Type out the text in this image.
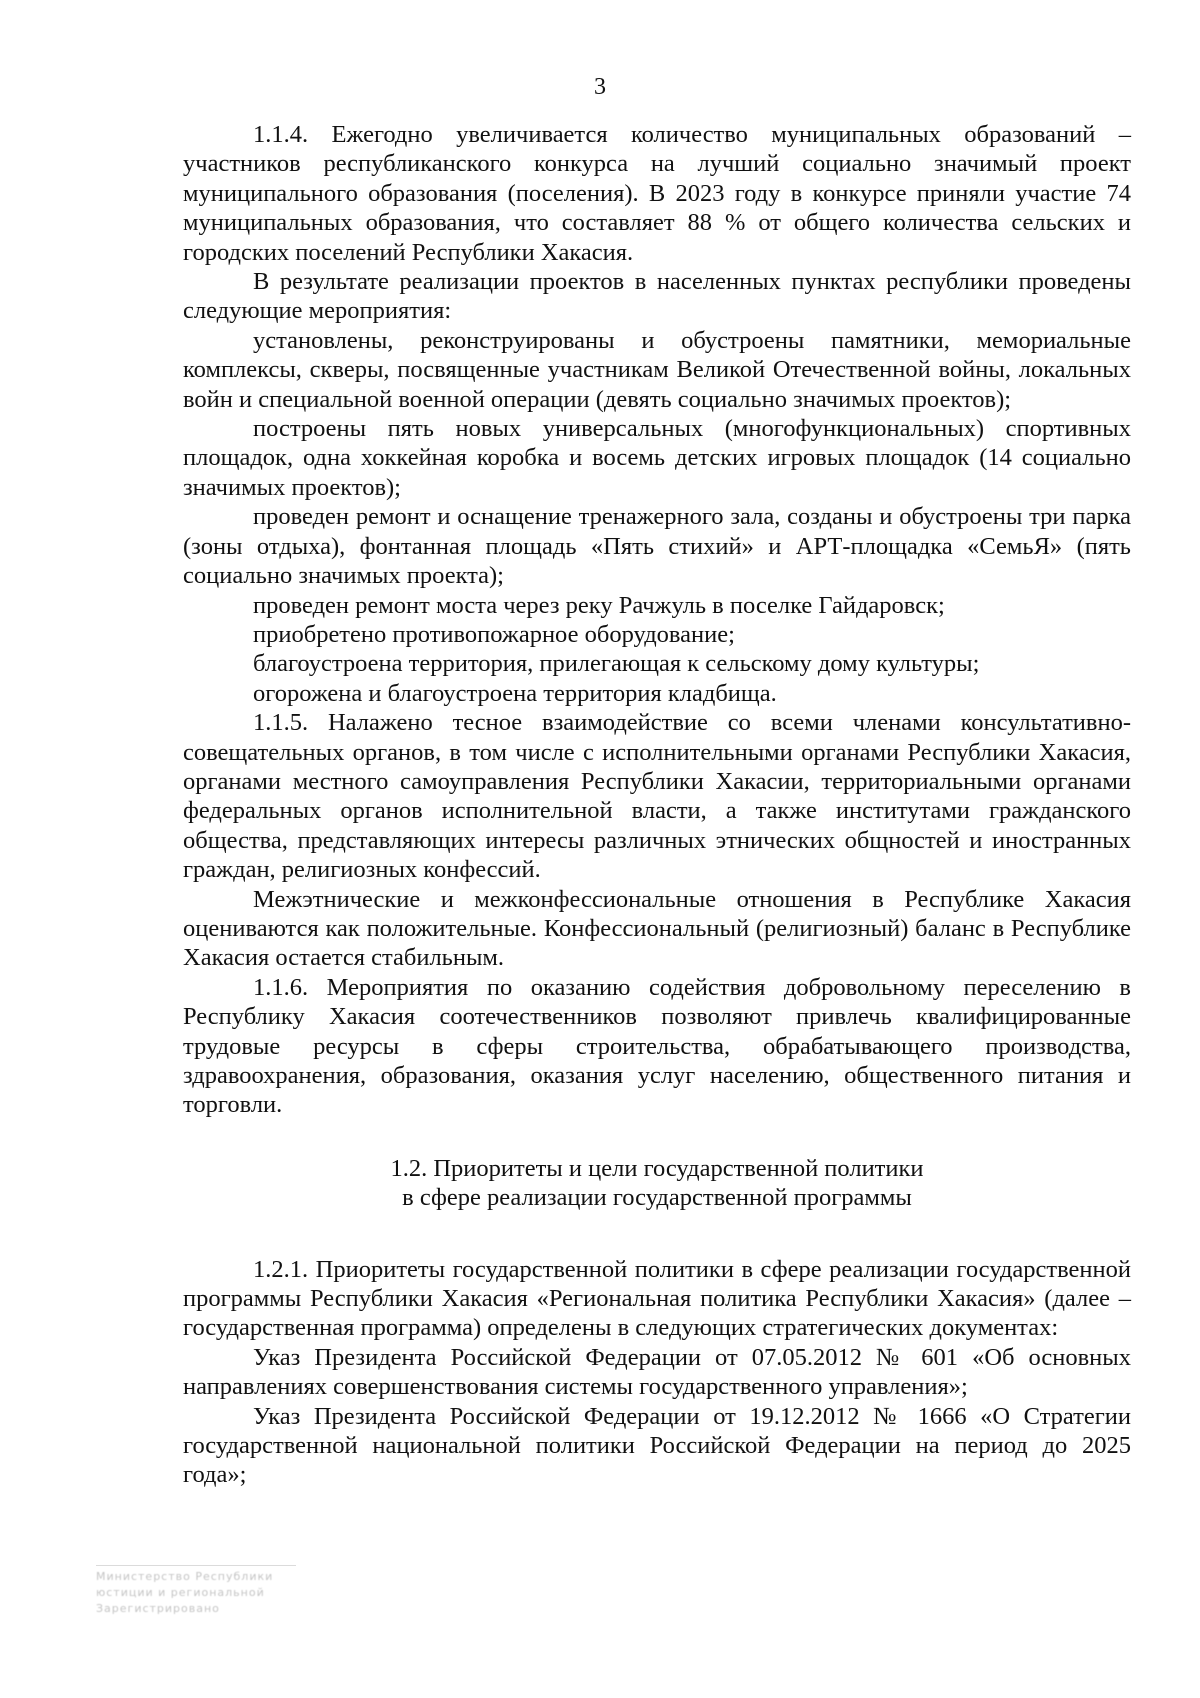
3

1.1.4. Ежегодно увеличивается количество муниципальных образований – участников республиканского конкурса на лучший социально значимый проект муниципального образования (поселения). В 2023 году в конкурсе приняли участие 74 муниципальных образования, что составляет 88 % от общего количества сельских и городских поселений Республики Хакасия.

В результате реализации проектов в населенных пунктах республики проведены следующие мероприятия:

установлены, реконструированы и обустроены памятники, мемориальные комплексы, скверы, посвященные участникам Великой Отечественной войны, локальных войн и специальной военной операции (девять социально значимых проектов);

построены пять новых универсальных (многофункциональных) спортивных площадок, одна хоккейная коробка и восемь детских игровых площадок (14 социально значимых проектов);

проведен ремонт и оснащение тренажерного зала, созданы и обустроены три парка (зоны отдыха), фонтанная площадь «Пять стихий» и АРТ-площадка «СемьЯ» (пять социально значимых проекта);

проведен ремонт моста через реку Рачжуль в поселке Гайдаровск;

приобретено противопожарное оборудование;

благоустроена территория, прилегающая к сельскому дому культуры;

огорожена и благоустроена территория кладбища.

1.1.5. Налажено тесное взаимодействие со всеми членами консультативно-совещательных органов, в том числе с исполнительными органами Республики Хакасия, органами местного самоуправления Республики Хакасии, территориальными органами федеральных органов исполнительной власти, а также институтами гражданского общества, представляющих интересы различных этнических общностей и иностранных граждан, религиозных конфессий.

Межэтнические и межконфессиональные отношения в Республике Хакасия оцениваются как положительные. Конфессиональный (религиозный) баланс в Республике Хакасия остается стабильным.

1.1.6. Мероприятия по оказанию содействия добровольному переселению в Республику Хакасия соотечественников позволяют привлечь квалифицированные трудовые ресурсы в сферы строительства, обрабатывающего производства, здравоохранения, образования, оказания услуг населению, общественного питания и торговли.

1.2. Приоритеты и цели государственной политики
в сфере реализации государственной программы

1.2.1. Приоритеты государственной политики в сфере реализации государственной программы Республики Хакасия «Региональная политика Республики Хакасия» (далее – государственная программа) определены в следующих стратегических документах:

Указ Президента Российской Федерации от 07.05.2012 № 601 «Об основных направлениях совершенствования системы государственного управления»;

Указ Президента Российской Федерации от 19.12.2012 № 1666 «О Стратегии государственной национальной политики Российской Федерации на период до 2025 года»;

Министерство Республики
юстиции и региональной
Зарегистрировано
